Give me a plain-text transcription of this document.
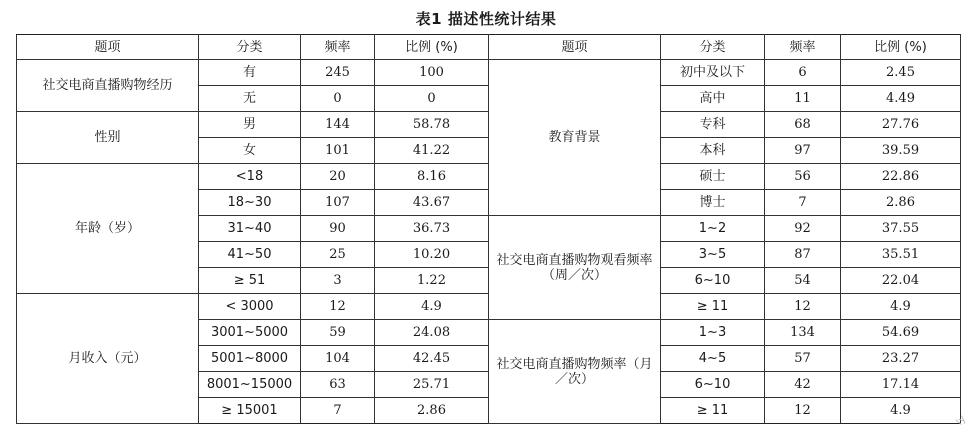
表1 描述性统计结果
题项	分类	频率	比例 (%)	题项	分类	频率	比例 (%)
社交电商直播购物经历	有	245	100	教育背景	初中及以下	6	2.45
	无	0	0		高中	11	4.49
性别	男	144	58.78		专科	68	27.76
	女	101	41.22		本科	97	39.59
年龄（岁）	<18	20	8.16		硕士	56	22.86
	18~30	107	43.67		博士	7	2.86
	31~40	90	36.73	社交电商直播购物观看频率（周／次）	1~2	92	37.55
	41~50	25	10.20		3~5	87	35.51
	≥ 51	3	1.22		6~10	54	22.04
月收入（元）	< 3000	12	4.9		≥ 11	12	4.9
	3001~5000	59	24.08	社交电商直播购物频率（月／次）	1~3	134	54.69
	5001~8000	104	42.45		4~5	57	23.27
	8001~15000	63	25.71		6~10	42	17.14
	≥ 15001	7	2.86		≥ 11	12	4.9
ly
